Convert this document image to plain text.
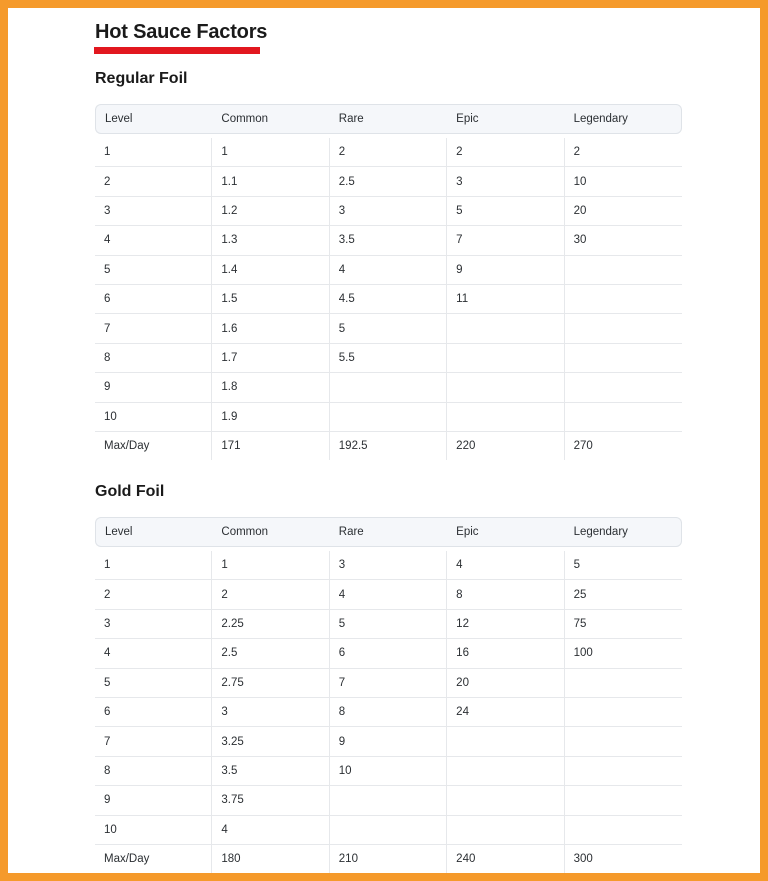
Hot Sauce Factors
Regular Foil
Level	Common	Rare	Epic	Legendary

1	1	2	2	2
2	1.1	2.5	3	10
3	1.2	3	5	20
4	1.3	3.5	7	30
5	1.4	4	9	
6	1.5	4.5	11	
7	1.6	5		
8	1.7	5.5		
9	1.8			
10	1.9			
Max/Day	171	192.5	220	270
Gold Foil
Level	Common	Rare	Epic	Legendary

1	1	3	4	5
2	2	4	8	25
3	2.25	5	12	75
4	2.5	6	16	100
5	2.75	7	20	
6	3	8	24	
7	3.25	9		
8	3.5	10		
9	3.75			
10	4			
Max/Day	180	210	240	300
